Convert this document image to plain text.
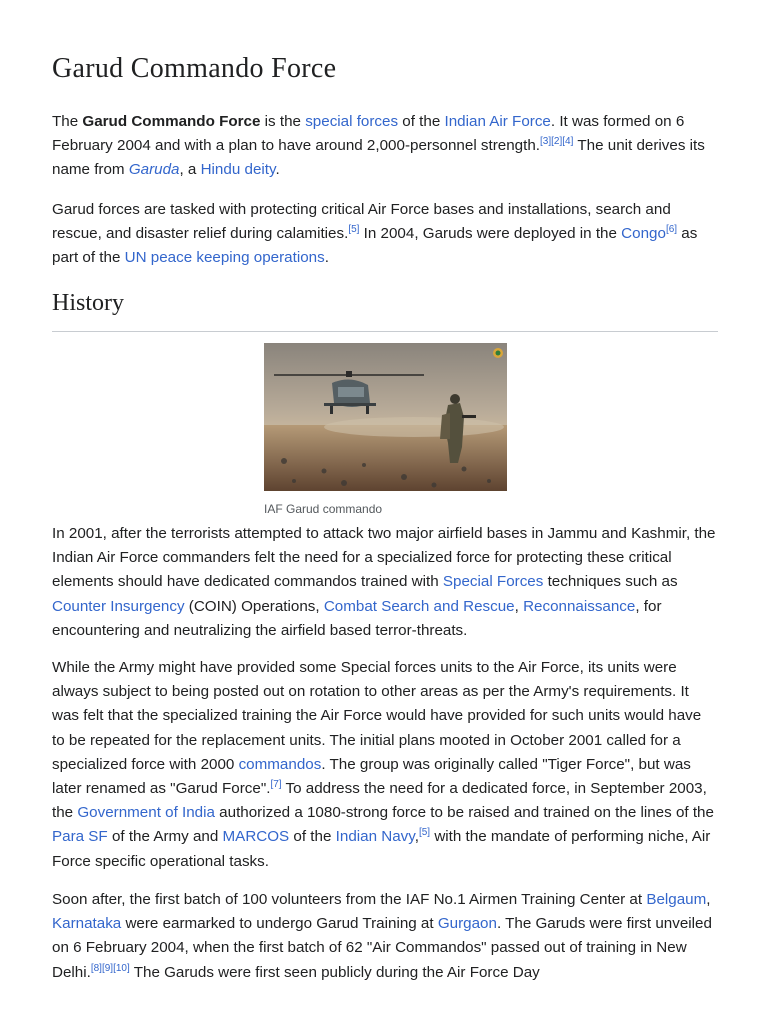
Garud Commando Force

The Garud Commando Force is the special forces of the Indian Air Force. It was formed on 6 February 2004 and with a plan to have around 2,000-personnel strength.[3][2][4] The unit derives its name from Garuda, a Hindu deity.

Garud forces are tasked with protecting critical Air Force bases and installations, search and rescue, and disaster relief during calamities.[5] In 2004, Garuds were deployed in the Congo[6] as part of the UN peace keeping operations.

History
IAF Garud commando

In 2001, after the terrorists attempted to attack two major airfield bases in Jammu and Kashmir, the Indian Air Force commanders felt the need for a specialized force for protecting these critical elements should have dedicated commandos trained with Special Forces techniques such as Counter Insurgency (COIN) Operations, Combat Search and Rescue, Reconnaissance, for encountering and neutralizing the airfield based terror-threats.

While the Army might have provided some Special forces units to the Air Force, its units were always subject to being posted out on rotation to other areas as per the Army's requirements. It was felt that the specialized training the Air Force would have provided for such units would have to be repeated for the replacement units. The initial plans mooted in October 2001 called for a specialized force with 2000 commandos. The group was originally called "Tiger Force", but was later renamed as "Garud Force".[7] To address the need for a dedicated force, in September 2003, the Government of India authorized a 1080-strong force to be raised and trained on the lines of the Para SF of the Army and MARCOS of the Indian Navy,[5] with the mandate of performing niche, Air Force specific operational tasks.

Soon after, the first batch of 100 volunteers from the IAF No.1 Airmen Training Center at Belgaum, Karnataka were earmarked to undergo Garud Training at Gurgaon. The Garuds were first unveiled on 6 February 2004, when the first batch of 62 "Air Commandos" passed out of training in New Delhi.[8][9][10] The Garuds were first seen publicly during the Air Force Day
